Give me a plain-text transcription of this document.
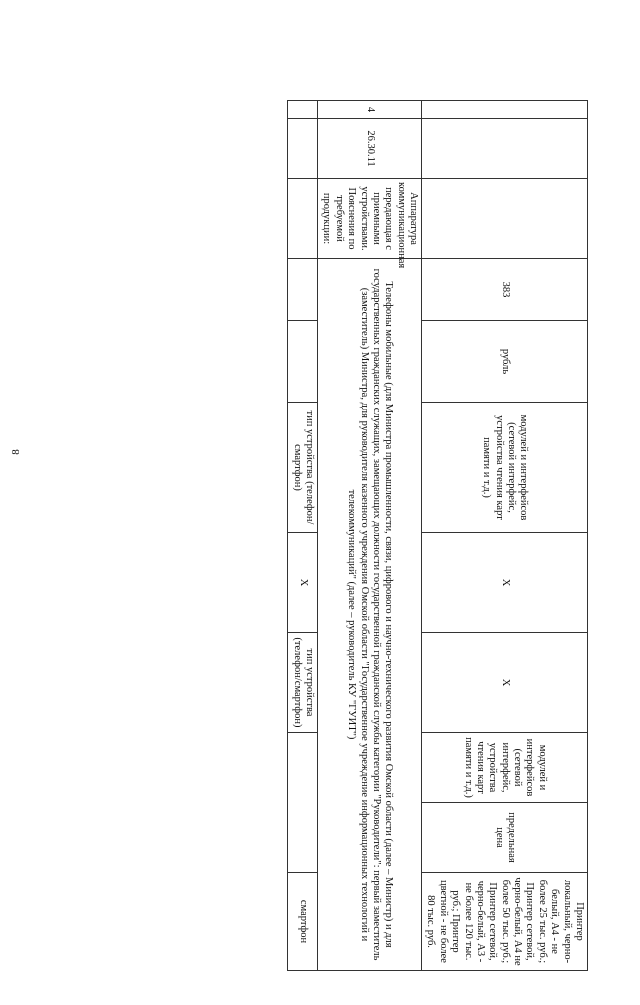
8
			383	рубль	модулей и интерфейсов (сетевой интерфейс, устройства чтения карт памяти и т.д.)	X	X	модулей и интерфейсов (сетевой интерфейс, устройства чтения карт памяти и т.д.)	предельная цена	Принтер локальный, черно-белый, А4 - не более 25 тыс. руб.; Принтер сетевой, черно-белый, А4 не более 50 тыс. руб.; Принтер сетевой, черно-белый, А3 - не более 120 тыс. руб.; Принтер цветной - не более 80 тыс. руб.
4	26.30.11	Аппаратура коммуникационная передающая с приемными устройствами. Пояснения по требуемой продукции:	Телефоны мобильные (для Министра промышленности, связи, цифрового и научно-технического развития Омской области (далее – Министр) и для государственных гражданских служащих, замещающих должности государственной гражданской службы категории "Руководители": первый заместитель (заместитель) Министра, для руководителя казенного учреждения Омской области "Государственное учреждение информационных технологий и телекоммуникаций" (далее – руководитель КУ "ГУИТ")							
					тип устройства (телефон/смартфон)	X	тип устройства (телефон/смартфон)			смартфон
